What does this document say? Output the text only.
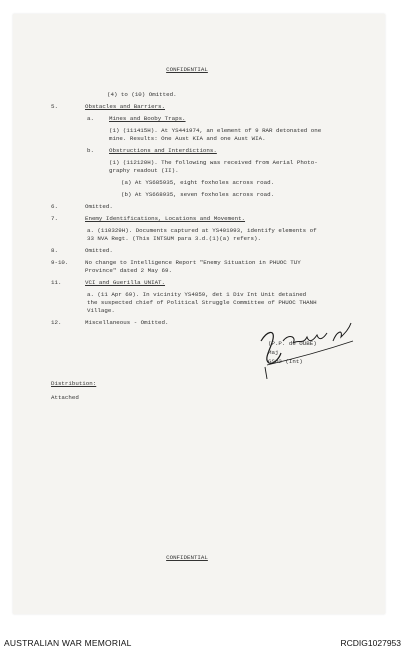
CONFIDENTIAL
(4) to (10) Omitted.
5.	Obstacles and Barriers.
a.	Mines and Booby Traps.
(1) (111415H). At YS441974, an element of 9 RAR detonated one
mine. Results: One Aust KIA and one Aust WIA.
b.	Obstructions and Interdictions.
(1) (112120H). The following was received from Aerial Photo-
graphy readout (II).
(a) At YS685935, eight foxholes across road.
(b) At YS668935, seven foxholes across road.
6.	Omitted.
7.	Enemy Identifications, Locations and Movement.
a. (110329H). Documents captured at YS401993, identify elements of
33 NVA Regt. (This INTSUM para 3.d.(1)(a) refers).
8.	Omitted.
9-10.	No change to Intelligence Report "Enemy Situation in PHUOC TUY
Province" dated 2 May 69.
11.	VCI and Guerilla UNIAT.
a. (11 Apr 69). In vicinity YS4859, det 1 Div Int Unit detained
the suspected chief of Political Struggle Committee of PHUOC THANH
Village.
12.	Miscellaneous - Omitted.
(P.P. de OUBE)
Maj
GSO2 (Int)
Distribution:
Attached
CONFIDENTIAL
AUSTRALIAN WAR MEMORIAL	RCDIG1027953
